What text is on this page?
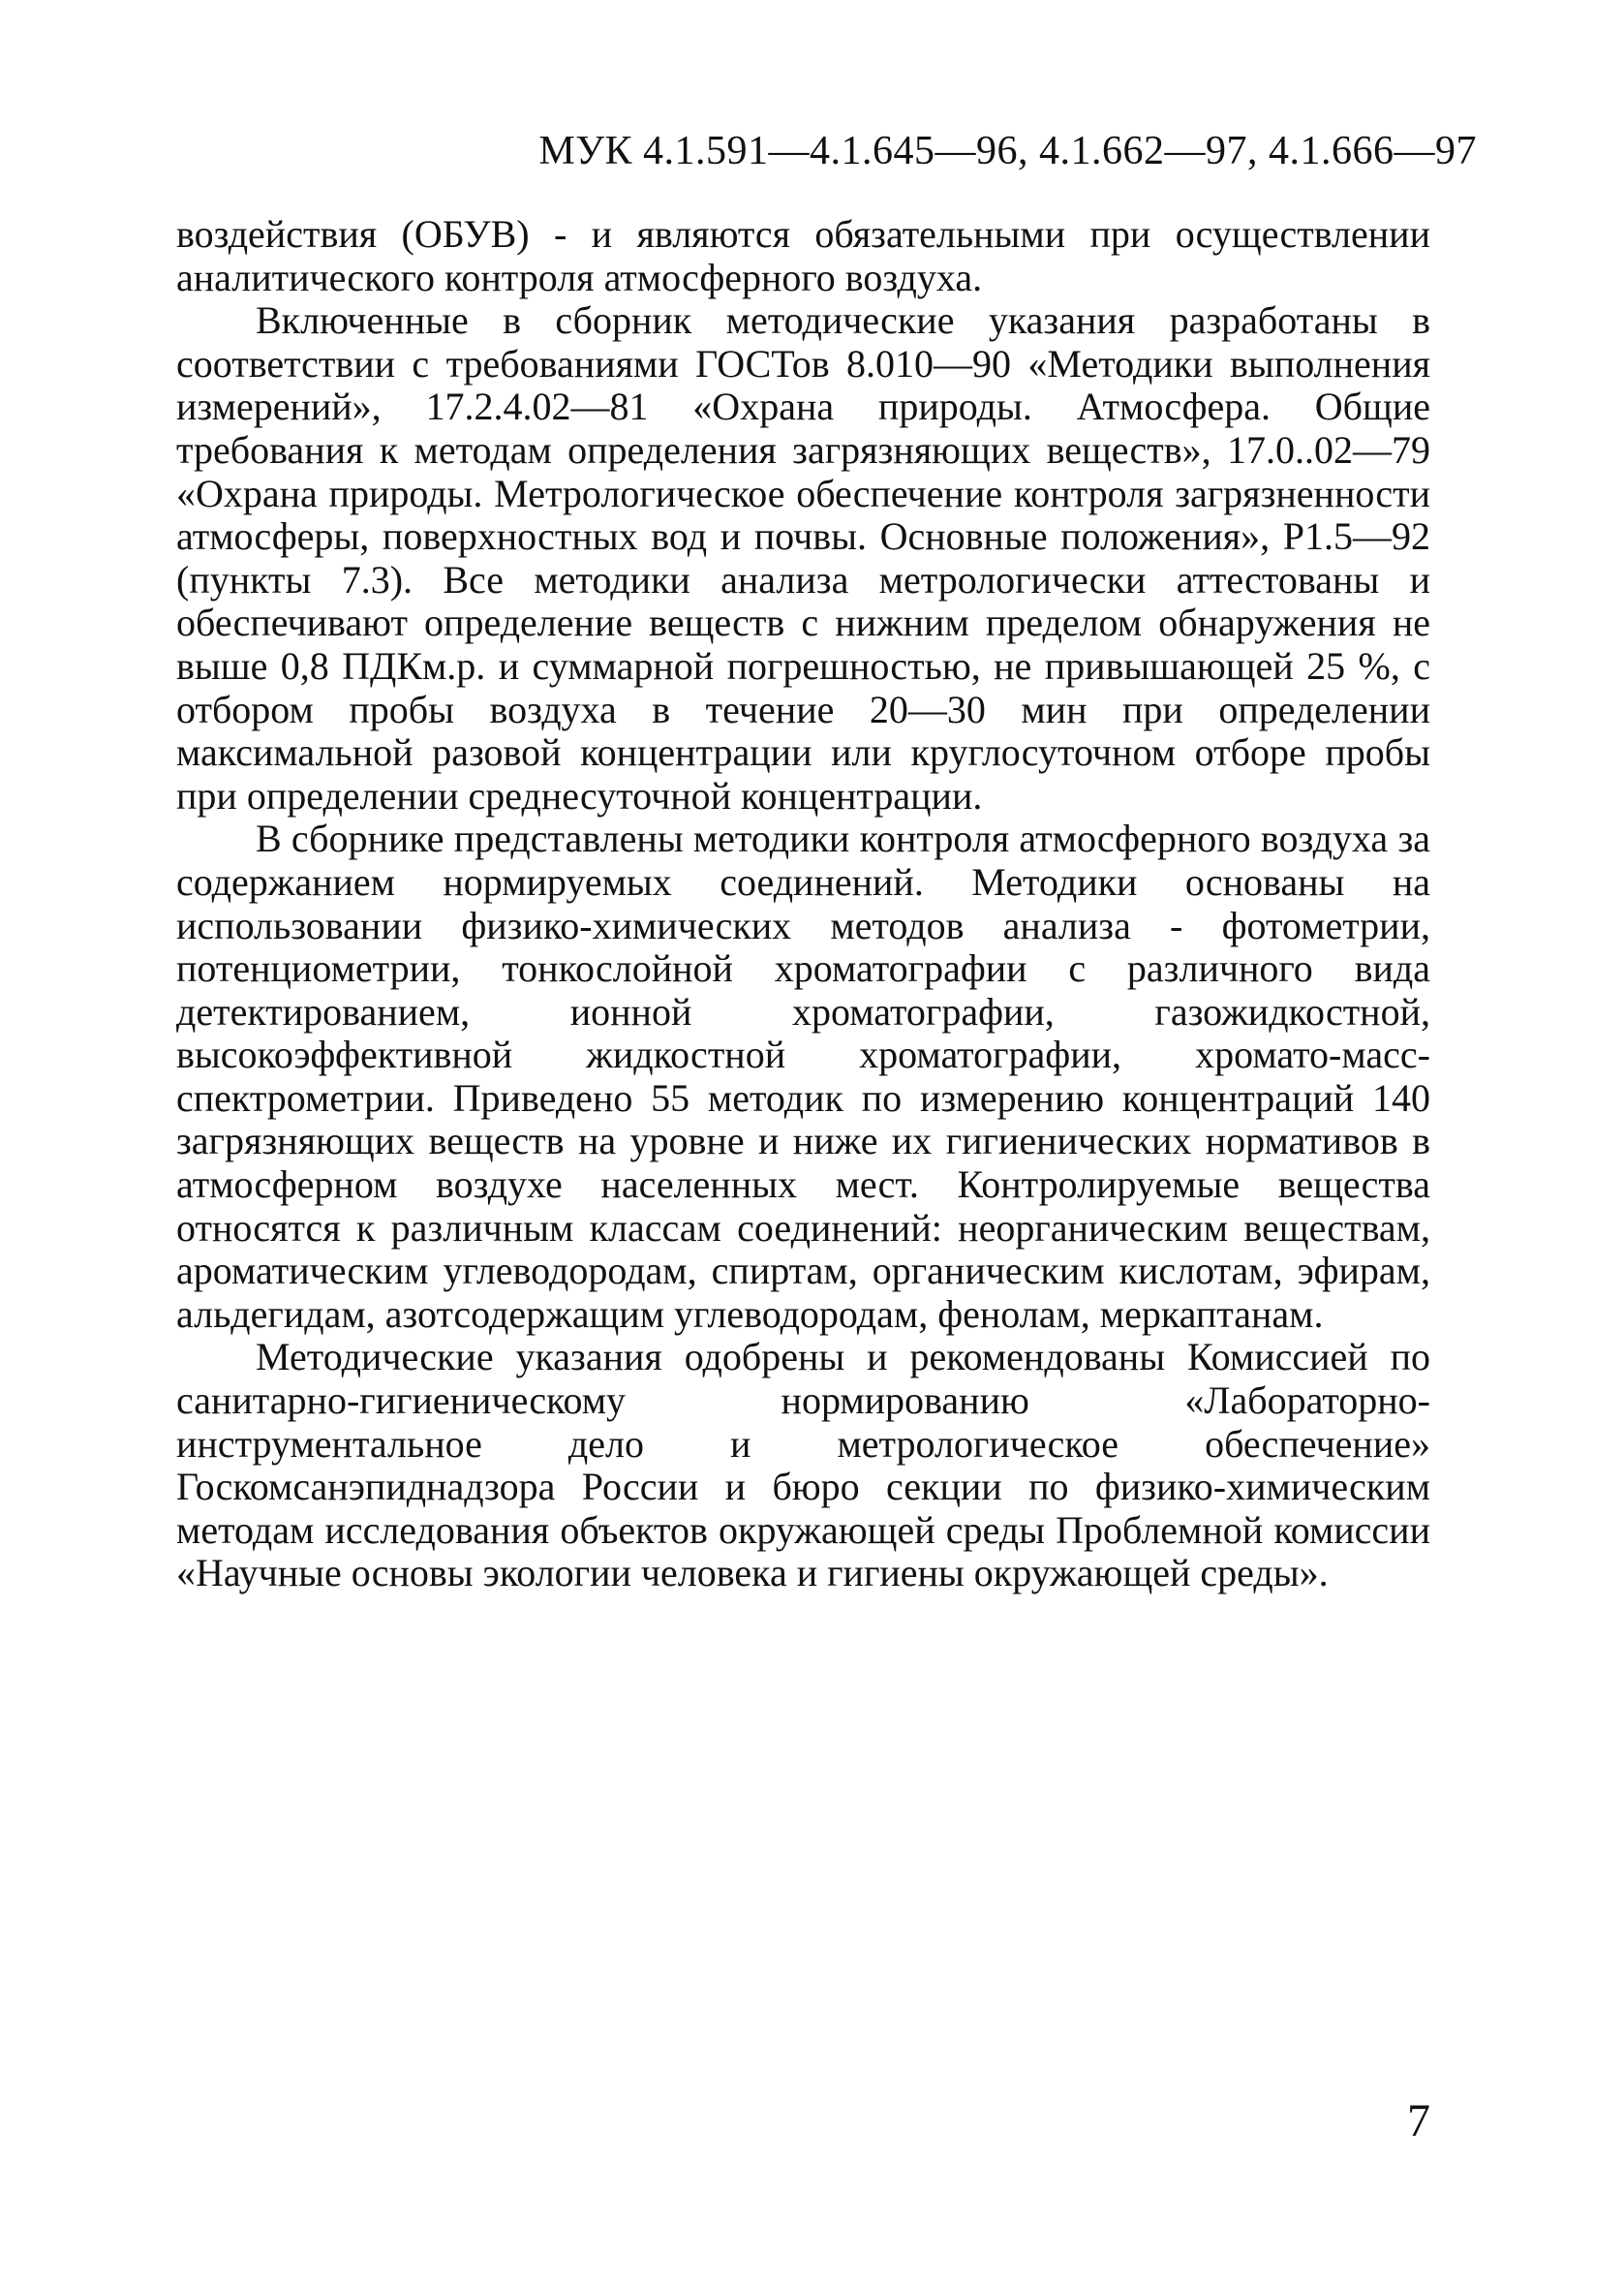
МУК 4.1.591—4.1.645—96, 4.1.662—97, 4.1.666—97

воздействия (ОБУВ) - и являются обязательными при осуществлении аналитического контроля атмосферного воздуха.

Включенные в сборник методические указания разработаны в соответствии с требованиями ГОСТов 8.010—90 «Методики выполнения измерений», 17.2.4.02—81 «Охрана природы. Атмосфера. Общие требования к методам определения загрязняющих веществ», 17.0..02—79 «Охрана природы. Метрологическое обеспечение контроля загрязненности атмосферы, поверхностных вод и почвы. Основные положения», Р1.5—92 (пункты 7.3). Все методики анализа метрологически аттестованы и обеспечивают определение веществ с нижним пределом обнаружения не выше 0,8 ПДКм.р. и суммарной погрешностью, не привышающей 25 %, с отбором пробы воздуха в течение 20—30 мин при определении максимальной разовой концентрации или круглосуточном отборе пробы при определении среднесуточной концентрации.

В сборнике представлены методики контроля атмосферного воздуха за содержанием нормируемых соединений. Методики основаны на использовании физико-химических методов анализа - фотометрии, потенциометрии, тонкослойной хроматографии с различного вида детектированием, ионной хроматографии, газожидкостной, высокоэффективной жидкостной хроматографии, хромато-масс-спектрометрии. Приведено 55 методик по измерению концентраций 140 загрязняющих веществ на уровне и ниже их гигиенических нормативов в атмосферном воздухе населенных мест. Контролируемые вещества относятся к различным классам соединений: неорганическим веществам, ароматическим углеводородам, спиртам, органическим кислотам, эфирам, альдегидам, азотсодержащим углеводородам, фенолам, меркаптанам.

Методические указания одобрены и рекомендованы Комиссией по санитарно-гигиеническому нормированию «Лабораторно-инструментальное дело и метрологическое обеспечение» Госкомсанэпиднадзора России и бюро секции по физико-химическим методам исследования объектов окружающей среды Проблемной комиссии «Научные основы экологии человека и гигиены окружающей среды».

7
